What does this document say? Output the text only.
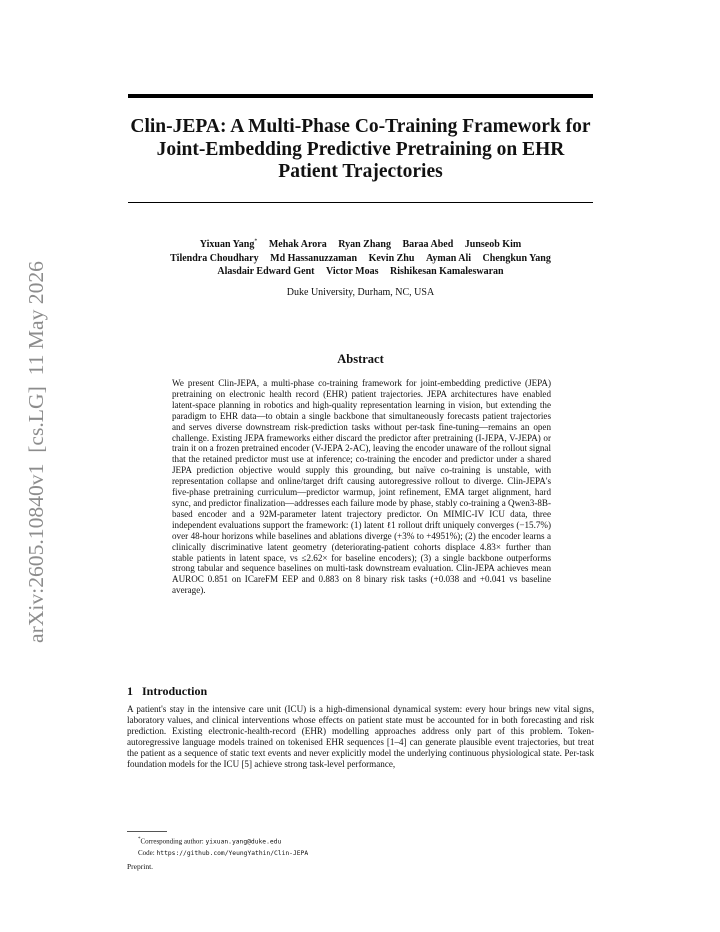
arXiv:2605.10840v1  [cs.LG]  11 May 2026
Clin-JEPA: A Multi-Phase Co-Training Framework for Joint-Embedding Predictive Pretraining on EHR Patient Trajectories
Yixuan Yang* Mehak Arora Ryan Zhang Baraa Abed Junseob Kim
Tilendra Choudhary Md Hassanuzzaman Kevin Zhu Ayman Ali Chengkun Yang
Alasdair Edward Gent Victor Moas Rishikesan Kamaleswaran
Duke University, Durham, NC, USA
Abstract

We present Clin-JEPA, a multi-phase co-training framework for joint-embedding predictive (JEPA) pretraining on electronic health record (EHR) patient trajectories. JEPA architectures have enabled latent-space planning in robotics and high-quality representation learning in vision, but extending the paradigm to EHR data—to obtain a single backbone that simultaneously forecasts patient trajectories and serves diverse downstream risk-prediction tasks without per-task fine-tuning—remains an open challenge. Existing JEPA frameworks either discard the predictor after pretraining (I-JEPA, V-JEPA) or train it on a frozen pretrained encoder (V-JEPA 2-AC), leaving the encoder unaware of the rollout signal that the retained predictor must use at inference; co-training the encoder and predictor under a shared JEPA prediction objective would supply this grounding, but naïve co-training is unstable, with representation collapse and online/target drift causing autoregressive rollout to diverge. Clin-JEPA's five-phase pretraining curriculum—predictor warmup, joint refinement, EMA target alignment, hard sync, and predictor finalization—addresses each failure mode by phase, stably co-training a Qwen3-8B-based encoder and a 92M-parameter latent trajectory predictor. On MIMIC-IV ICU data, three independent evaluations support the framework: (1) latent ℓ1 rollout drift uniquely converges (−15.7%) over 48-hour horizons while baselines and ablations diverge (+3% to +4951%); (2) the encoder learns a clinically discriminative latent geometry (deteriorating-patient cohorts displace 4.83× further than stable patients in latent space, vs ≤2.62× for baseline encoders); (3) a single backbone outperforms strong tabular and sequence baselines on multi-task downstream evaluation. Clin-JEPA achieves mean AUROC 0.851 on ICareFM EEP and 0.883 on 8 binary risk tasks (+0.038 and +0.041 vs baseline average).

1 Introduction

A patient's stay in the intensive care unit (ICU) is a high-dimensional dynamical system: every hour brings new vital signs, laboratory values, and clinical interventions whose effects on patient state must be accounted for in both forecasting and risk prediction. Existing electronic-health-record (EHR) modelling approaches address only part of this problem. Token-autoregressive language models trained on tokenised EHR sequences [1–4] can generate plausible event trajectories, but treat the patient as a sequence of static text events and never explicitly model the underlying continuous physiological state. Per-task foundation models for the ICU [5] achieve strong task-level performance,

*Corresponding author: yixuan.yang@duke.edu
Code: https://github.com/YeungYathin/Clin-JEPA
Preprint.
